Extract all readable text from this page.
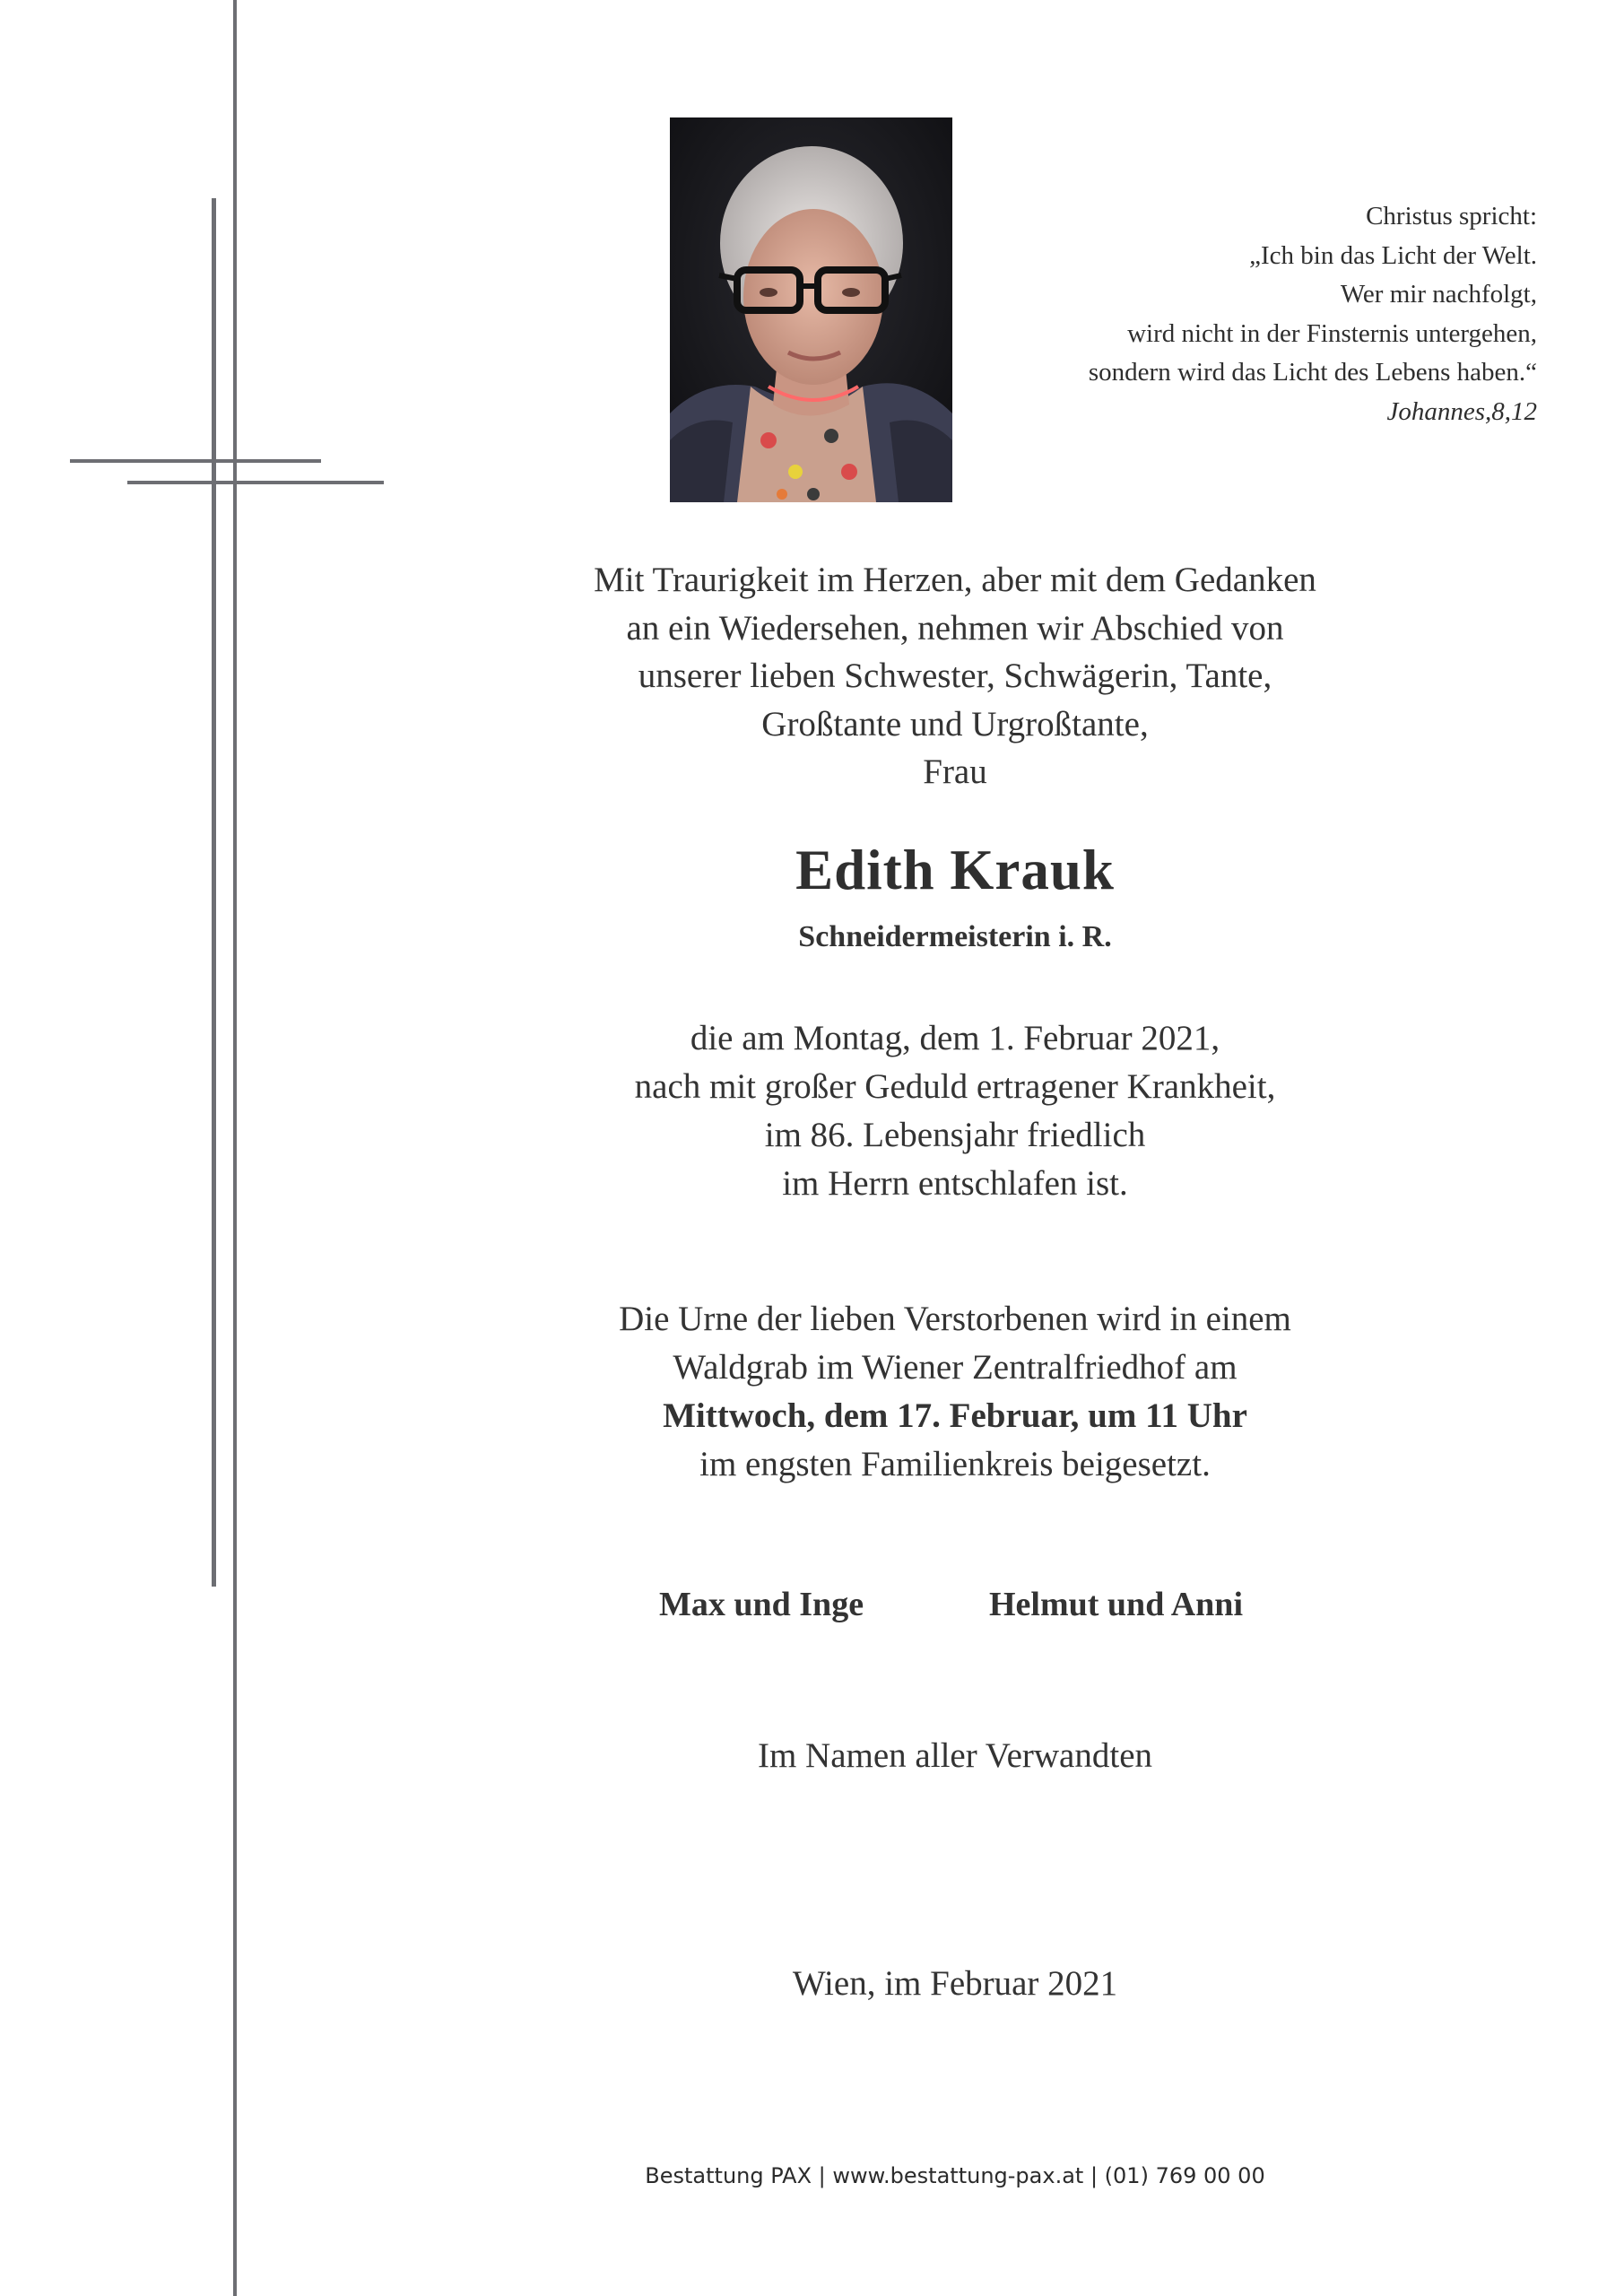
Christus spricht:
„Ich bin das Licht der Welt.
Wer mir nachfolgt,
wird nicht in der Finsternis untergehen,
sondern wird das Licht des Lebens haben.“
Johannes,8,12
Mit Traurigkeit im Herzen, aber mit dem Gedanken
an ein Wiedersehen, nehmen wir Abschied von
unserer lieben Schwester, Schwägerin, Tante,
Großtante und Urgroßtante,
Frau
Edith Krauk
Schneidermeisterin i. R.
die am Montag, dem 1. Februar 2021,
nach mit großer Geduld ertragener Krankheit,
im 86. Lebensjahr friedlich
im Herrn entschlafen ist.
Die Urne der lieben Verstorbenen wird in einem
Waldgrab im Wiener Zentralfriedhof am
Mittwoch, dem 17. Februar, um 11 Uhr
im engsten Familienkreis beigesetzt.
Max und Inge	Helmut und Anni
Im Namen aller Verwandten
Wien, im Februar 2021
Bestattung PAX | www.bestattung-pax.at | (01) 769 00 00
